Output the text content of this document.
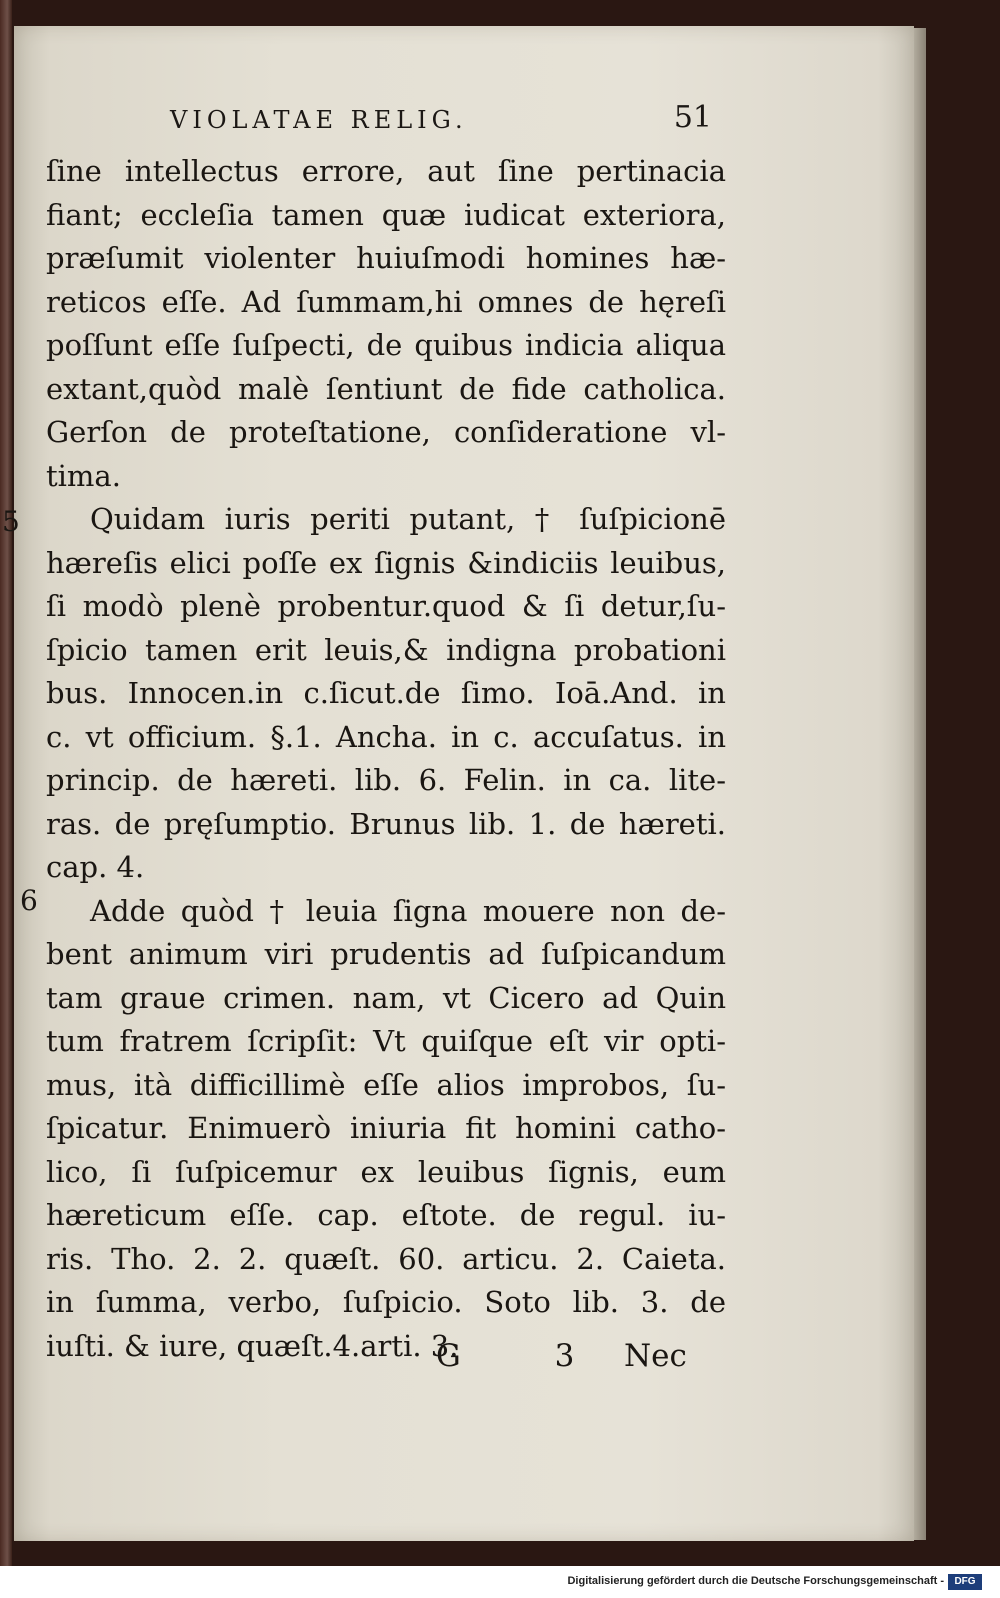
VIOLATAE RELIG.	51
5
6
ſine intellectus errore, aut ſine pertinacia
fiant; eccleſia tamen quæ iudicat exteriora,
præſumit violenter huiuſmodi homines hæ-
reticos eſſe. Ad ſummam,hi omnes de hęreſi
poſſunt eſſe ſuſpecti, de quibus indicia aliqua
extant,quòd malè ſentiunt de fide catholica.
Gerſon de proteſtatione, conſideratione vl-
tima.
Quidam iuris periti putant, † ſuſpicionē
hæreſis elici poſſe ex ſignis &indiciis leuibus,
ſi modò plenè probentur.quod & ſi detur,ſu-
ſpicio tamen erit leuis,& indigna probationi
bus. Innocen.in c.ſicut.de ſimo. Ioā.And. in
c. vt officium. §.1. Ancha. in c. accuſatus. in
princip. de hæreti. lib. 6. Felin. in ca. lite-
ras. de pręſumptio. Brunus lib. 1. de hæreti.
cap. 4.
Adde quòd † leuia ſigna mouere non de-
bent animum viri prudentis ad ſuſpicandum
tam graue crimen. nam, vt Cicero ad Quin
tum fratrem ſcripſit: Vt quiſque eſt vir opti-
mus, ità difficillimè eſſe alios improbos, ſu-
ſpicatur. Enimuerò iniuria fit homini catho-
lico, ſi ſuſpicemur ex leuibus ſignis, eum
hæreticum eſſe. cap. eſtote. de regul. iu-
ris. Tho. 2. 2. quæſt. 60. articu. 2. Caieta.
in ſumma, verbo, ſuſpicio. Soto lib. 3. de
iuſti. & iure, quæſt.4.arti. 3.
G 3 Nec
Digitalisierung gefördert durch die Deutsche Forschungsgemeinschaft -	DFG
